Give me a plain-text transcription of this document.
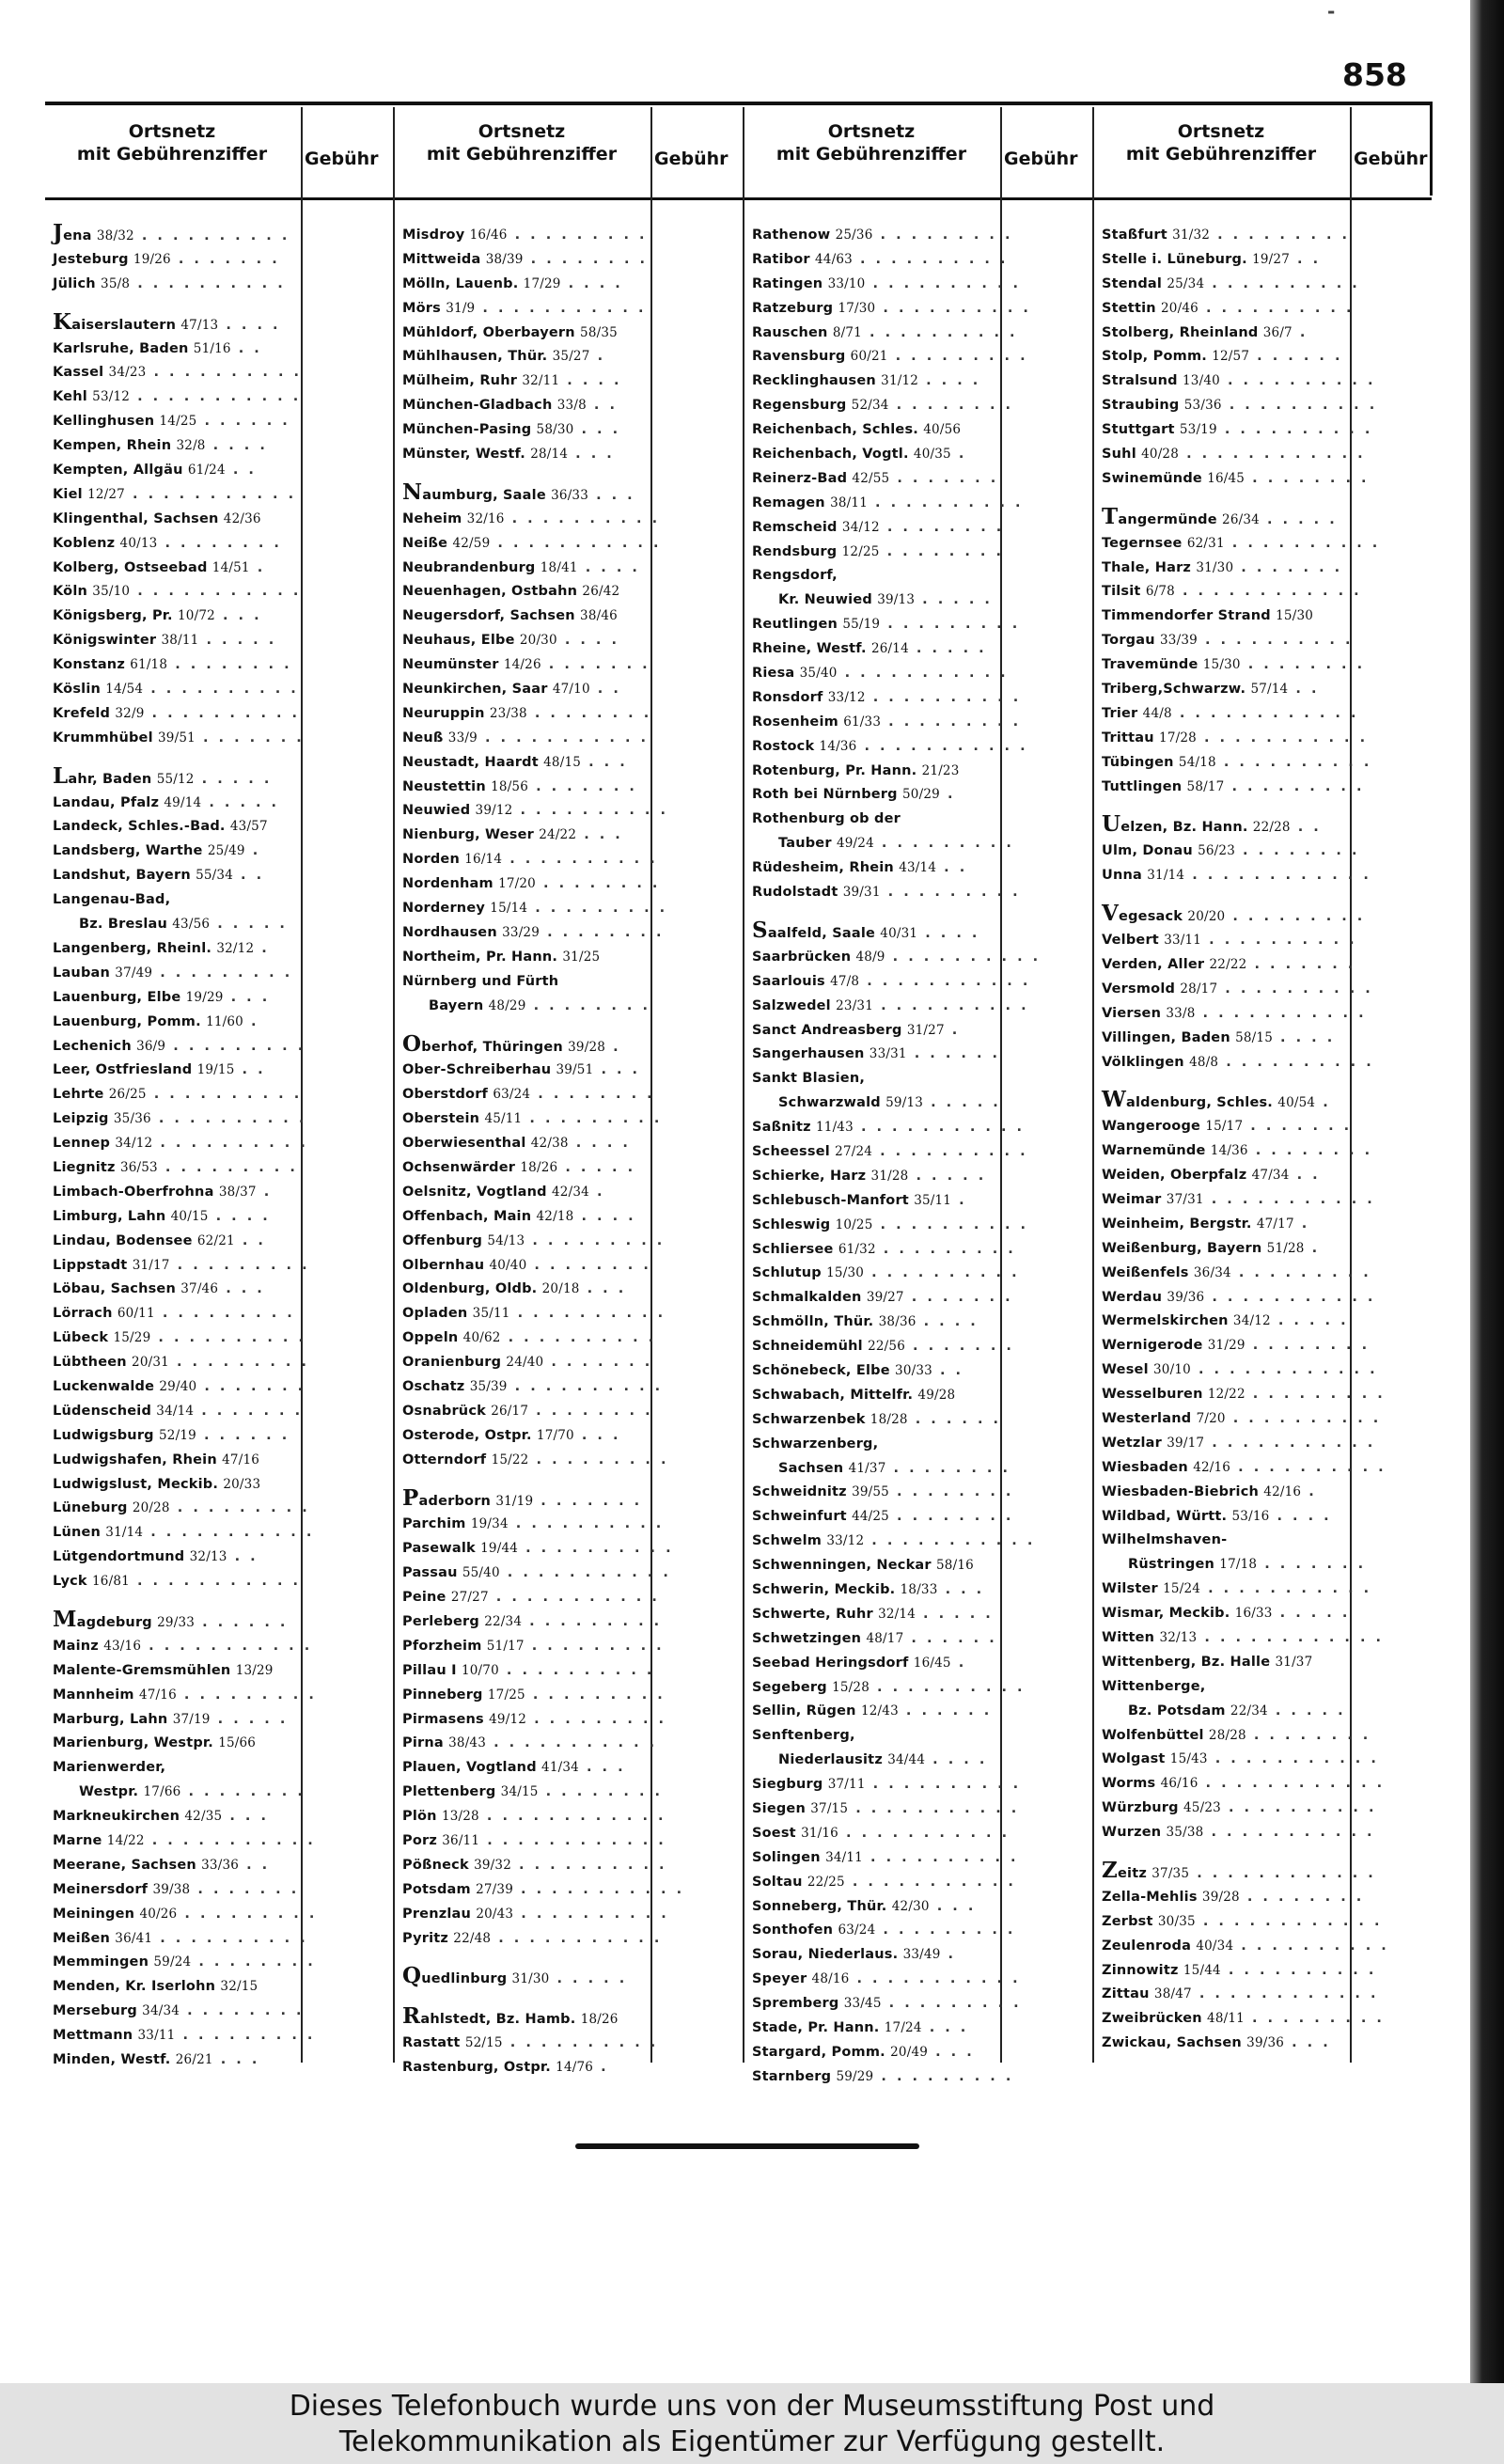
-
858
Ortsnetz
mit Gebührenziffer	Gebühr
Jena 38/32 . . . . . . . . . .
Jesteburg 19/26 . . . . . . .
Jülich 35/8 . . . . . . . . . .
Kaiserslautern 47/13 . . . .
Karlsruhe, Baden 51/16 . .
Kassel 34/23 . . . . . . . . . .
Kehl 53/12 . . . . . . . . . . .
Kellinghusen 14/25 . . . . . .
Kempen, Rhein 32/8 . . . .
Kempten, Allgäu 61/24 . .
Kiel 12/27 . . . . . . . . . . .
Klingenthal, Sachsen 42/36
Koblenz 40/13 . . . . . . . .
Kolberg, Ostseebad 14/51 .
Köln 35/10 . . . . . . . . . . .
Königsberg, Pr. 10/72 . . .
Königswinter 38/11 . . . . .
Konstanz 61/18 . . . . . . . .
Köslin 14/54 . . . . . . . . . .
Krefeld 32/9 . . . . . . . . . .
Krummhübel 39/51 . . . . . . .
Lahr, Baden 55/12 . . . . .
Landau, Pfalz 49/14 . . . . .
Landeck, Schles.-Bad. 43/57
Landsberg, Warthe 25/49 .
Landshut, Bayern 55/34 . .
Langenau-Bad,
Bz. Breslau 43/56 . . . . .
Langenberg, Rheinl. 32/12 .
Lauban 37/49 . . . . . . . . .
Lauenburg, Elbe 19/29 . . .
Lauenburg, Pomm. 11/60 .
Lechenich 36/9 . . . . . . . . .
Leer, Ostfriesland 19/15 . .
Lehrte 26/25 . . . . . . . . . .
Leipzig 35/36 . . . . . . . . . .
Lennep 34/12 . . . . . . . . . .
Liegnitz 36/53 . . . . . . . . .
Limbach-Oberfrohna 38/37 .
Limburg, Lahn 40/15 . . . .
Lindau, Bodensee 62/21 . .
Lippstadt 31/17 . . . . . . . . .
Löbau, Sachsen 37/46 . . .
Lörrach 60/11 . . . . . . . . .
Lübeck 15/29 . . . . . . . . . .
Lübtheen 20/31 . . . . . . . . .
Luckenwalde 29/40 . . . . . . .
Lüdenscheid 34/14 . . . . . . .
Ludwigsburg 52/19 . . . . . .
Ludwigshafen, Rhein 47/16
Ludwigslust, Meckib. 20/33
Lüneburg 20/28 . . . . . . . . .
Lünen 31/14 . . . . . . . . . . .
Lütgendortmund 32/13 . .
Lyck 16/81 . . . . . . . . . . .
Magdeburg 29/33 . . . . . .
Mainz 43/16 . . . . . . . . . . .
Malente-Gremsmühlen 13/29
Mannheim 47/16 . . . . . . . . .
Marburg, Lahn 37/19 . . . . .
Marienburg, Westpr. 15/66
Marienwerder,
Westpr. 17/66 . . . . . . . .
Markneukirchen 42/35 . . .
Marne 14/22 . . . . . . . . . . .
Meerane, Sachsen 33/36 . .
Meinersdorf 39/38 . . . . . . .
Meiningen 40/26 . . . . . . . . .
Meißen 36/41 . . . . . . . . . .
Memmingen 59/24 . . . . . . . .
Menden, Kr. Iserlohn 32/15
Merseburg 34/34 . . . . . . . .
Mettmann 33/11 . . . . . . . . .
Minden, Westf. 26/21 . . .
Ortsnetz
mit Gebührenziffer	Gebühr
Misdroy 16/46 . . . . . . . . .
Mittweida 38/39 . . . . . . . .
Mölln, Lauenb. 17/29 . . . .
Mörs 31/9 . . . . . . . . . . .
Mühldorf, Oberbayern 58/35
Mühlhausen, Thür. 35/27 .
Mülheim, Ruhr 32/11 . . . .
München-Gladbach 33/8 . .
München-Pasing 58/30 . . .
Münster, Westf. 28/14 . . .
Naumburg, Saale 36/33 . . .
Neheim 32/16 . . . . . . . . . .
Neiße 42/59 . . . . . . . . . . .
Neubrandenburg 18/41 . . . .
Neuenhagen, Ostbahn 26/42
Neugersdorf, Sachsen 38/46
Neuhaus, Elbe 20/30 . . . .
Neumünster 14/26 . . . . . . .
Neunkirchen, Saar 47/10 . .
Neuruppin 23/38 . . . . . . . .
Neuß 33/9 . . . . . . . . . . .
Neustadt, Haardt 48/15 . . .
Neustettin 18/56 . . . . . . .
Neuwied 39/12 . . . . . . . . . .
Nienburg, Weser 24/22 . . .
Norden 16/14 . . . . . . . . . .
Nordenham 17/20 . . . . . . . .
Norderney 15/14 . . . . . . . . .
Nordhausen 33/29 . . . . . . . .
Northeim, Pr. Hann. 31/25
Nürnberg und Fürth
Bayern 48/29 . . . . . . . .
Oberhof, Thüringen 39/28 .
Ober-Schreiberhau 39/51 . . .
Oberstdorf 63/24 . . . . . . . .
Oberstein 45/11 . . . . . . . . .
Oberwiesenthal 42/38 . . . .
Ochsenwärder 18/26 . . . . .
Oelsnitz, Vogtland 42/34 .
Offenbach, Main 42/18 . . . .
Offenburg 54/13 . . . . . . . . .
Olbernhau 40/40 . . . . . . . .
Oldenburg, Oldb. 20/18 . . .
Opladen 35/11 . . . . . . . . . .
Oppeln 40/62 . . . . . . . . . .
Oranienburg 24/40 . . . . . . .
Oschatz 35/39 . . . . . . . . . .
Osnabrück 26/17 . . . . . . . .
Osterode, Ostpr. 17/70 . . .
Otterndorf 15/22 . . . . . . . . .
Paderborn 31/19 . . . . . . .
Parchim 19/34 . . . . . . . . . .
Pasewalk 19/44 . . . . . . . . . .
Passau 55/40 . . . . . . . . . . .
Peine 27/27 . . . . . . . . . . .
Perleberg 22/34 . . . . . . . . .
Pforzheim 51/17 . . . . . . . . .
Pillau I 10/70 . . . . . . . . . .
Pinneberg 17/25 . . . . . . . . .
Pirmasens 49/12 . . . . . . . . .
Pirna 38/43 . . . . . . . . . . .
Plauen, Vogtland 41/34 . . .
Plettenberg 34/15 . . . . . . . .
Plön 13/28 . . . . . . . . . . . .
Porz 36/11 . . . . . . . . . . . .
Pößneck 39/32 . . . . . . . . . .
Potsdam 27/39 . . . . . . . . . . .
Prenzlau 20/43 . . . . . . . . . .
Pyritz 22/48 . . . . . . . . . . .
Quedlinburg 31/30 . . . . .
Rahlstedt, Bz. Hamb. 18/26
Rastatt 52/15 . . . . . . . . . .
Rastenburg, Ostpr. 14/76 .
Ortsnetz
mit Gebührenziffer	Gebühr
Rathenow 25/36 . . . . . . . . .
Ratibor 44/63 . . . . . . . . . .
Ratingen 33/10 . . . . . . . . . .
Ratzeburg 17/30 . . . . . . . . . .
Rauschen 8/71 . . . . . . . . . .
Ravensburg 60/21 . . . . . . . . .
Recklinghausen 31/12 . . . .
Regensburg 52/34 . . . . . . . .
Reichenbach, Schles. 40/56
Reichenbach, Vogtl. 40/35 .
Reinerz-Bad 42/55 . . . . . . .
Remagen 38/11 . . . . . . . . . .
Remscheid 34/12 . . . . . . . .
Rendsburg 12/25 . . . . . . . .
Rengsdorf,
Kr. Neuwied 39/13 . . . . .
Reutlingen 55/19 . . . . . . . . .
Rheine, Westf. 26/14 . . . . .
Riesa 35/40 . . . . . . . . . . .
Ronsdorf 33/12 . . . . . . . . . .
Rosenheim 61/33 . . . . . . . . .
Rostock 14/36 . . . . . . . . . . .
Rotenburg, Pr. Hann. 21/23
Roth bei Nürnberg 50/29 .
Rothenburg ob der
Tauber 49/24 . . . . . . . . .
Rüdesheim, Rhein 43/14 . .
Rudolstadt 39/31 . . . . . . . . .
Saalfeld, Saale 40/31 . . . .
Saarbrücken 48/9 . . . . . . . . . .
Saarlouis 47/8 . . . . . . . . . . .
Salzwedel 23/31 . . . . . . . . . .
Sanct Andreasberg 31/27 .
Sangerhausen 33/31 . . . . . .
Sankt Blasien,
Schwarzwald 59/13 . . . . .
Saßnitz 11/43 . . . . . . . . . . .
Scheessel 27/24 . . . . . . . . . .
Schierke, Harz 31/28 . . . . .
Schlebusch-Manfort 35/11 .
Schleswig 10/25 . . . . . . . . . .
Schliersee 61/32 . . . . . . . . .
Schlutup 15/30 . . . . . . . . . .
Schmalkalden 39/27 . . . . . . .
Schmölln, Thür. 38/36 . . . .
Schneidemühl 22/56 . . . . . . .
Schönebeck, Elbe 30/33 . .
Schwabach, Mittelfr. 49/28
Schwarzenbek 18/28 . . . . . .
Schwarzenberg,
Sachsen 41/37 . . . . . . . .
Schweidnitz 39/55 . . . . . . . .
Schweinfurt 44/25 . . . . . . . .
Schwelm 33/12 . . . . . . . . . . .
Schwenningen, Neckar 58/16
Schwerin, Meckib. 18/33 . . .
Schwerte, Ruhr 32/14 . . . . .
Schwetzingen 48/17 . . . . . .
Seebad Heringsdorf 16/45 .
Segeberg 15/28 . . . . . . . . . .
Sellin, Rügen 12/43 . . . . . .
Senftenberg,
Niederlausitz 34/44 . . . .
Siegburg 37/11 . . . . . . . . . .
Siegen 37/15 . . . . . . . . . . .
Soest 31/16 . . . . . . . . . . .
Solingen 34/11 . . . . . . . . . .
Soltau 22/25 . . . . . . . . . . .
Sonneberg, Thür. 42/30 . . .
Sonthofen 63/24 . . . . . . . . .
Sorau, Niederlaus. 33/49 .
Speyer 48/16 . . . . . . . . . . .
Spremberg 33/45 . . . . . . . . .
Stade, Pr. Hann. 17/24 . . .
Stargard, Pomm. 20/49 . . .
Starnberg 59/29 . . . . . . . . .
Ortsnetz
mit Gebührenziffer	Gebühr
Staßfurt 31/32 . . . . . . . . .
Stelle i. Lüneburg. 19/27 . .
Stendal 25/34 . . . . . . . . . .
Stettin 20/46 . . . . . . . . . .
Stolberg, Rheinland 36/7 .
Stolp, Pomm. 12/57 . . . . . .
Stralsund 13/40 . . . . . . . . . .
Straubing 53/36 . . . . . . . . . .
Stuttgart 53/19 . . . . . . . . . .
Suhl 40/28 . . . . . . . . . . . .
Swinemünde 16/45 . . . . . . . .
Tangermünde 26/34 . . . . .
Tegernsee 62/31 . . . . . . . . . .
Thale, Harz 31/30 . . . . . . .
Tilsit 6/78 . . . . . . . . . . . .
Timmendorfer Strand 15/30
Torgau 33/39 . . . . . . . . . .
Travemünde 15/30 . . . . . . . .
Triberg,Schwarzw. 57/14 . .
Trier 44/8 . . . . . . . . . . . .
Trittau 17/28 . . . . . . . . . . .
Tübingen 54/18 . . . . . . . . . .
Tuttlingen 58/17 . . . . . . . . .
Uelzen, Bz. Hann. 22/28 . .
Ulm, Donau 56/23 . . . . . . . .
Unna 31/14 . . . . . . . . . . . .
Vegesack 20/20 . . . . . . . . .
Velbert 33/11 . . . . . . . . . .
Verden, Aller 22/22 . . . . . . .
Versmold 28/17 . . . . . . . . . .
Viersen 33/8 . . . . . . . . . . .
Villingen, Baden 58/15 . . . .
Völklingen 48/8 . . . . . . . . . .
Waldenburg, Schles. 40/54 .
Wangerooge 15/17 . . . . . . .
Warnemünde 14/36 . . . . . . . .
Weiden, Oberpfalz 47/34 . .
Weimar 37/31 . . . . . . . . . . .
Weinheim, Bergstr. 47/17 .
Weißenburg, Bayern 51/28 .
Weißenfels 36/34 . . . . . . . . .
Werdau 39/36 . . . . . . . . . . .
Wermelskirchen 34/12 . . . . .
Wernigerode 31/29 . . . . . . . .
Wesel 30/10 . . . . . . . . . . . .
Wesselburen 12/22 . . . . . . . . .
Westerland 7/20 . . . . . . . . . .
Wetzlar 39/17 . . . . . . . . . . .
Wiesbaden 42/16 . . . . . . . . . .
Wiesbaden-Biebrich 42/16 .
Wildbad, Württ. 53/16 . . . .
Wilhelmshaven-
Rüstringen 17/18 . . . . . . .
Wilster 15/24 . . . . . . . . . . .
Wismar, Meckib. 16/33 . . . . .
Witten 32/13 . . . . . . . . . . . .
Wittenberg, Bz. Halle 31/37
Wittenberge,
Bz. Potsdam 22/34 . . . . .
Wolfenbüttel 28/28 . . . . . . . .
Wolgast 15/43 . . . . . . . . . . .
Worms 46/16 . . . . . . . . . . . .
Würzburg 45/23 . . . . . . . . . .
Wurzen 35/38 . . . . . . . . . . .
Zeitz 37/35 . . . . . . . . . . . .
Zella-Mehlis 39/28 . . . . . . . .
Zerbst 30/35 . . . . . . . . . . . .
Zeulenroda 40/34 . . . . . . . . . .
Zinnowitz 15/44 . . . . . . . . . .
Zittau 38/47 . . . . . . . . . . . .
Zweibrücken 48/11 . . . . . . . . .
Zwickau, Sachsen 39/36 . . .
Dieses Telefonbuch wurde uns von der Museumsstiftung Post und
Telekommunikation als Eigentümer zur Verfügung gestellt.
